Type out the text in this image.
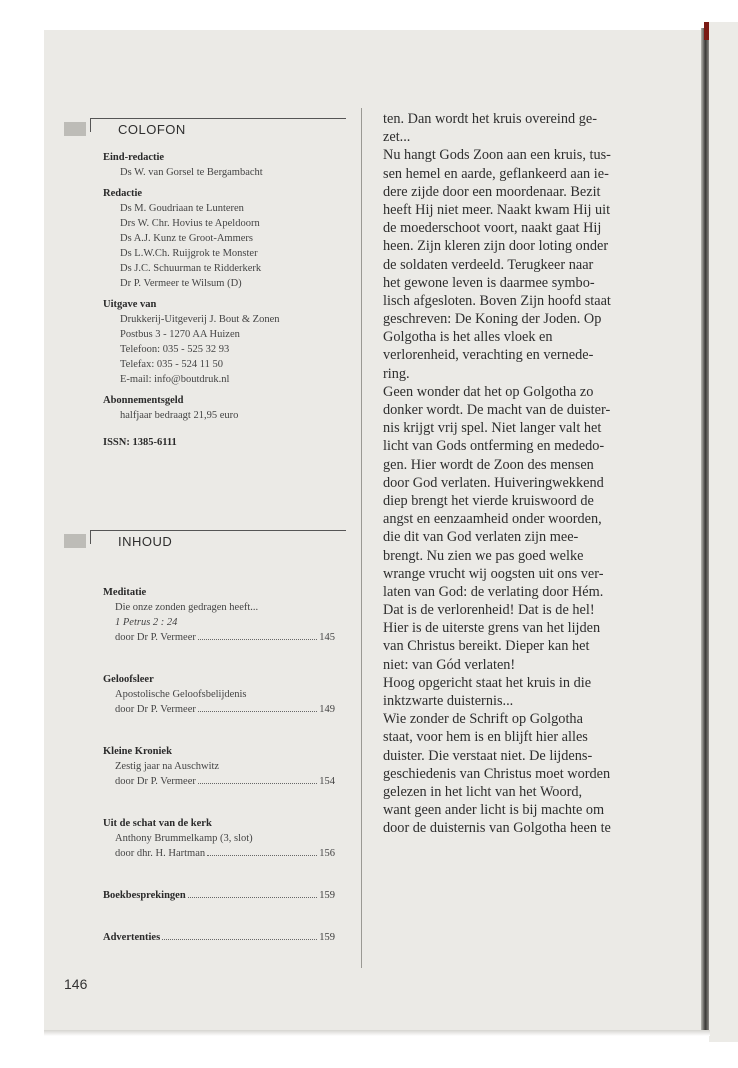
COLOFON
Eind-redactie
Ds W. van Gorsel te Bergambacht
Redactie
Ds M. Goudriaan te Lunteren
Drs W. Chr. Hovius te Apeldoorn
Ds A.J. Kunz te Groot-Ammers
Ds L.W.Ch. Ruijgrok te Monster
Ds J.C. Schuurman te Ridderkerk
Dr P. Vermeer te Wilsum (D)
Uitgave van
Drukkerij-Uitgeverij J. Bout & Zonen
Postbus 3 - 1270 AA Huizen
Telefoon: 035 - 525 32 93
Telefax: 035 - 524 11 50
E-mail: info@boutdruk.nl
Abonnementsgeld
halfjaar bedraagt 21,95 euro
ISSN: 1385-6111
INHOUD
Meditatie
Die onze zonden gedragen heeft...
1 Petrus 2 : 24
door Dr P. Vermeer	145
Geloofsleer
Apostolische Geloofsbelijdenis
door Dr P. Vermeer	149
Kleine Kroniek
Zestig jaar na Auschwitz
door Dr P. Vermeer	154
Uit de schat van de kerk
Anthony Brummelkamp (3, slot)
door dhr. H. Hartman	156
Boekbesprekingen	159
Advertenties	159
ten. Dan wordt het kruis overeind ge-
zet...
Nu hangt Gods Zoon aan een kruis, tus-
sen hemel en aarde, geflankeerd aan ie-
dere zijde door een moordenaar. Bezit
heeft Hij niet meer. Naakt kwam Hij uit
de moederschoot voort, naakt gaat Hij
heen. Zijn kleren zijn door loting onder
de soldaten verdeeld. Terugkeer naar
het gewone leven is daarmee symbo-
lisch afgesloten. Boven Zijn hoofd staat
geschreven: De Koning der Joden. Op
Golgotha is het alles vloek en
verlorenheid, verachting en vernede-
ring.
Geen wonder dat het op Golgotha zo
donker wordt. De macht van de duister-
nis krijgt vrij spel. Niet langer valt het
licht van Gods ontferming en mededo-
gen. Hier wordt de Zoon des mensen
door God verlaten. Huiveringwekkend
diep brengt het vierde kruiswoord de
angst en eenzaamheid onder woorden,
die dit van God verlaten zijn mee-
brengt. Nu zien we pas goed welke
wrange vrucht wij oogsten uit ons ver-
laten van God: de verlating door Hém.
Dat is de verlorenheid! Dat is de hel!
Hier is de uiterste grens van het lijden
van Christus bereikt. Dieper kan het
niet: van Gód verlaten!
Hoog opgericht staat het kruis in die
inktzwarte duisternis...
Wie zonder de Schrift op Golgotha
staat, voor hem is en blijft hier alles
duister. Die verstaat niet. De lijdens-
geschiedenis van Christus moet worden
gelezen in het licht van het Woord,
want geen ander licht is bij machte om
door de duisternis van Golgotha heen te
146
